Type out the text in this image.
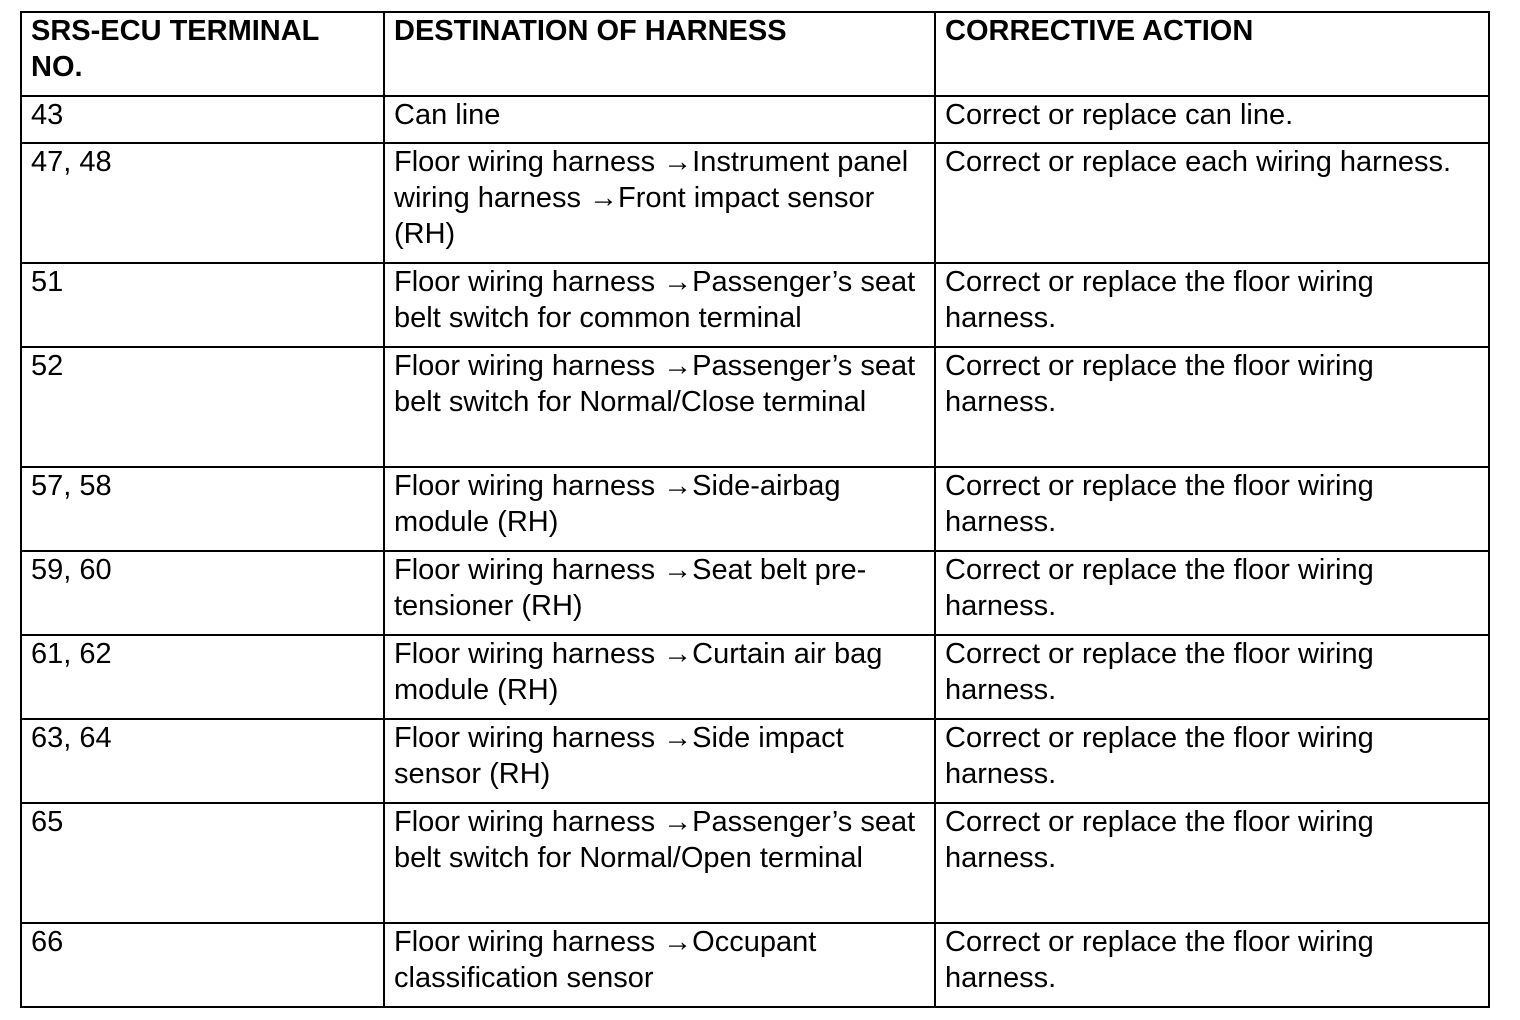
SRS-ECU TERMINAL NO.	DESTINATION OF HARNESS	CORRECTIVE ACTION
43	Can line	Correct or replace can line.
47, 48	Floor wiring harness →Instrument panel wiring harness →Front impact sensor (RH)	Correct or replace each wiring harness.
51	Floor wiring harness →Passenger’s seat belt switch for common terminal	Correct or replace the floor wiring harness.
52	Floor wiring harness →Passenger’s seat belt switch for Normal/Close terminal	Correct or replace the floor wiring harness.
57, 58	Floor wiring harness →Side-airbag module (RH)	Correct or replace the floor wiring harness.
59, 60	Floor wiring harness →Seat belt pre-tensioner (RH)	Correct or replace the floor wiring harness.
61, 62	Floor wiring harness →Curtain air bag module (RH)	Correct or replace the floor wiring harness.
63, 64	Floor wiring harness →Side impact sensor (RH)	Correct or replace the floor wiring harness.
65	Floor wiring harness →Passenger’s seat belt switch for Normal/Open terminal	Correct or replace the floor wiring harness.
66	Floor wiring harness →Occupant classification sensor	Correct or replace the floor wiring harness.
